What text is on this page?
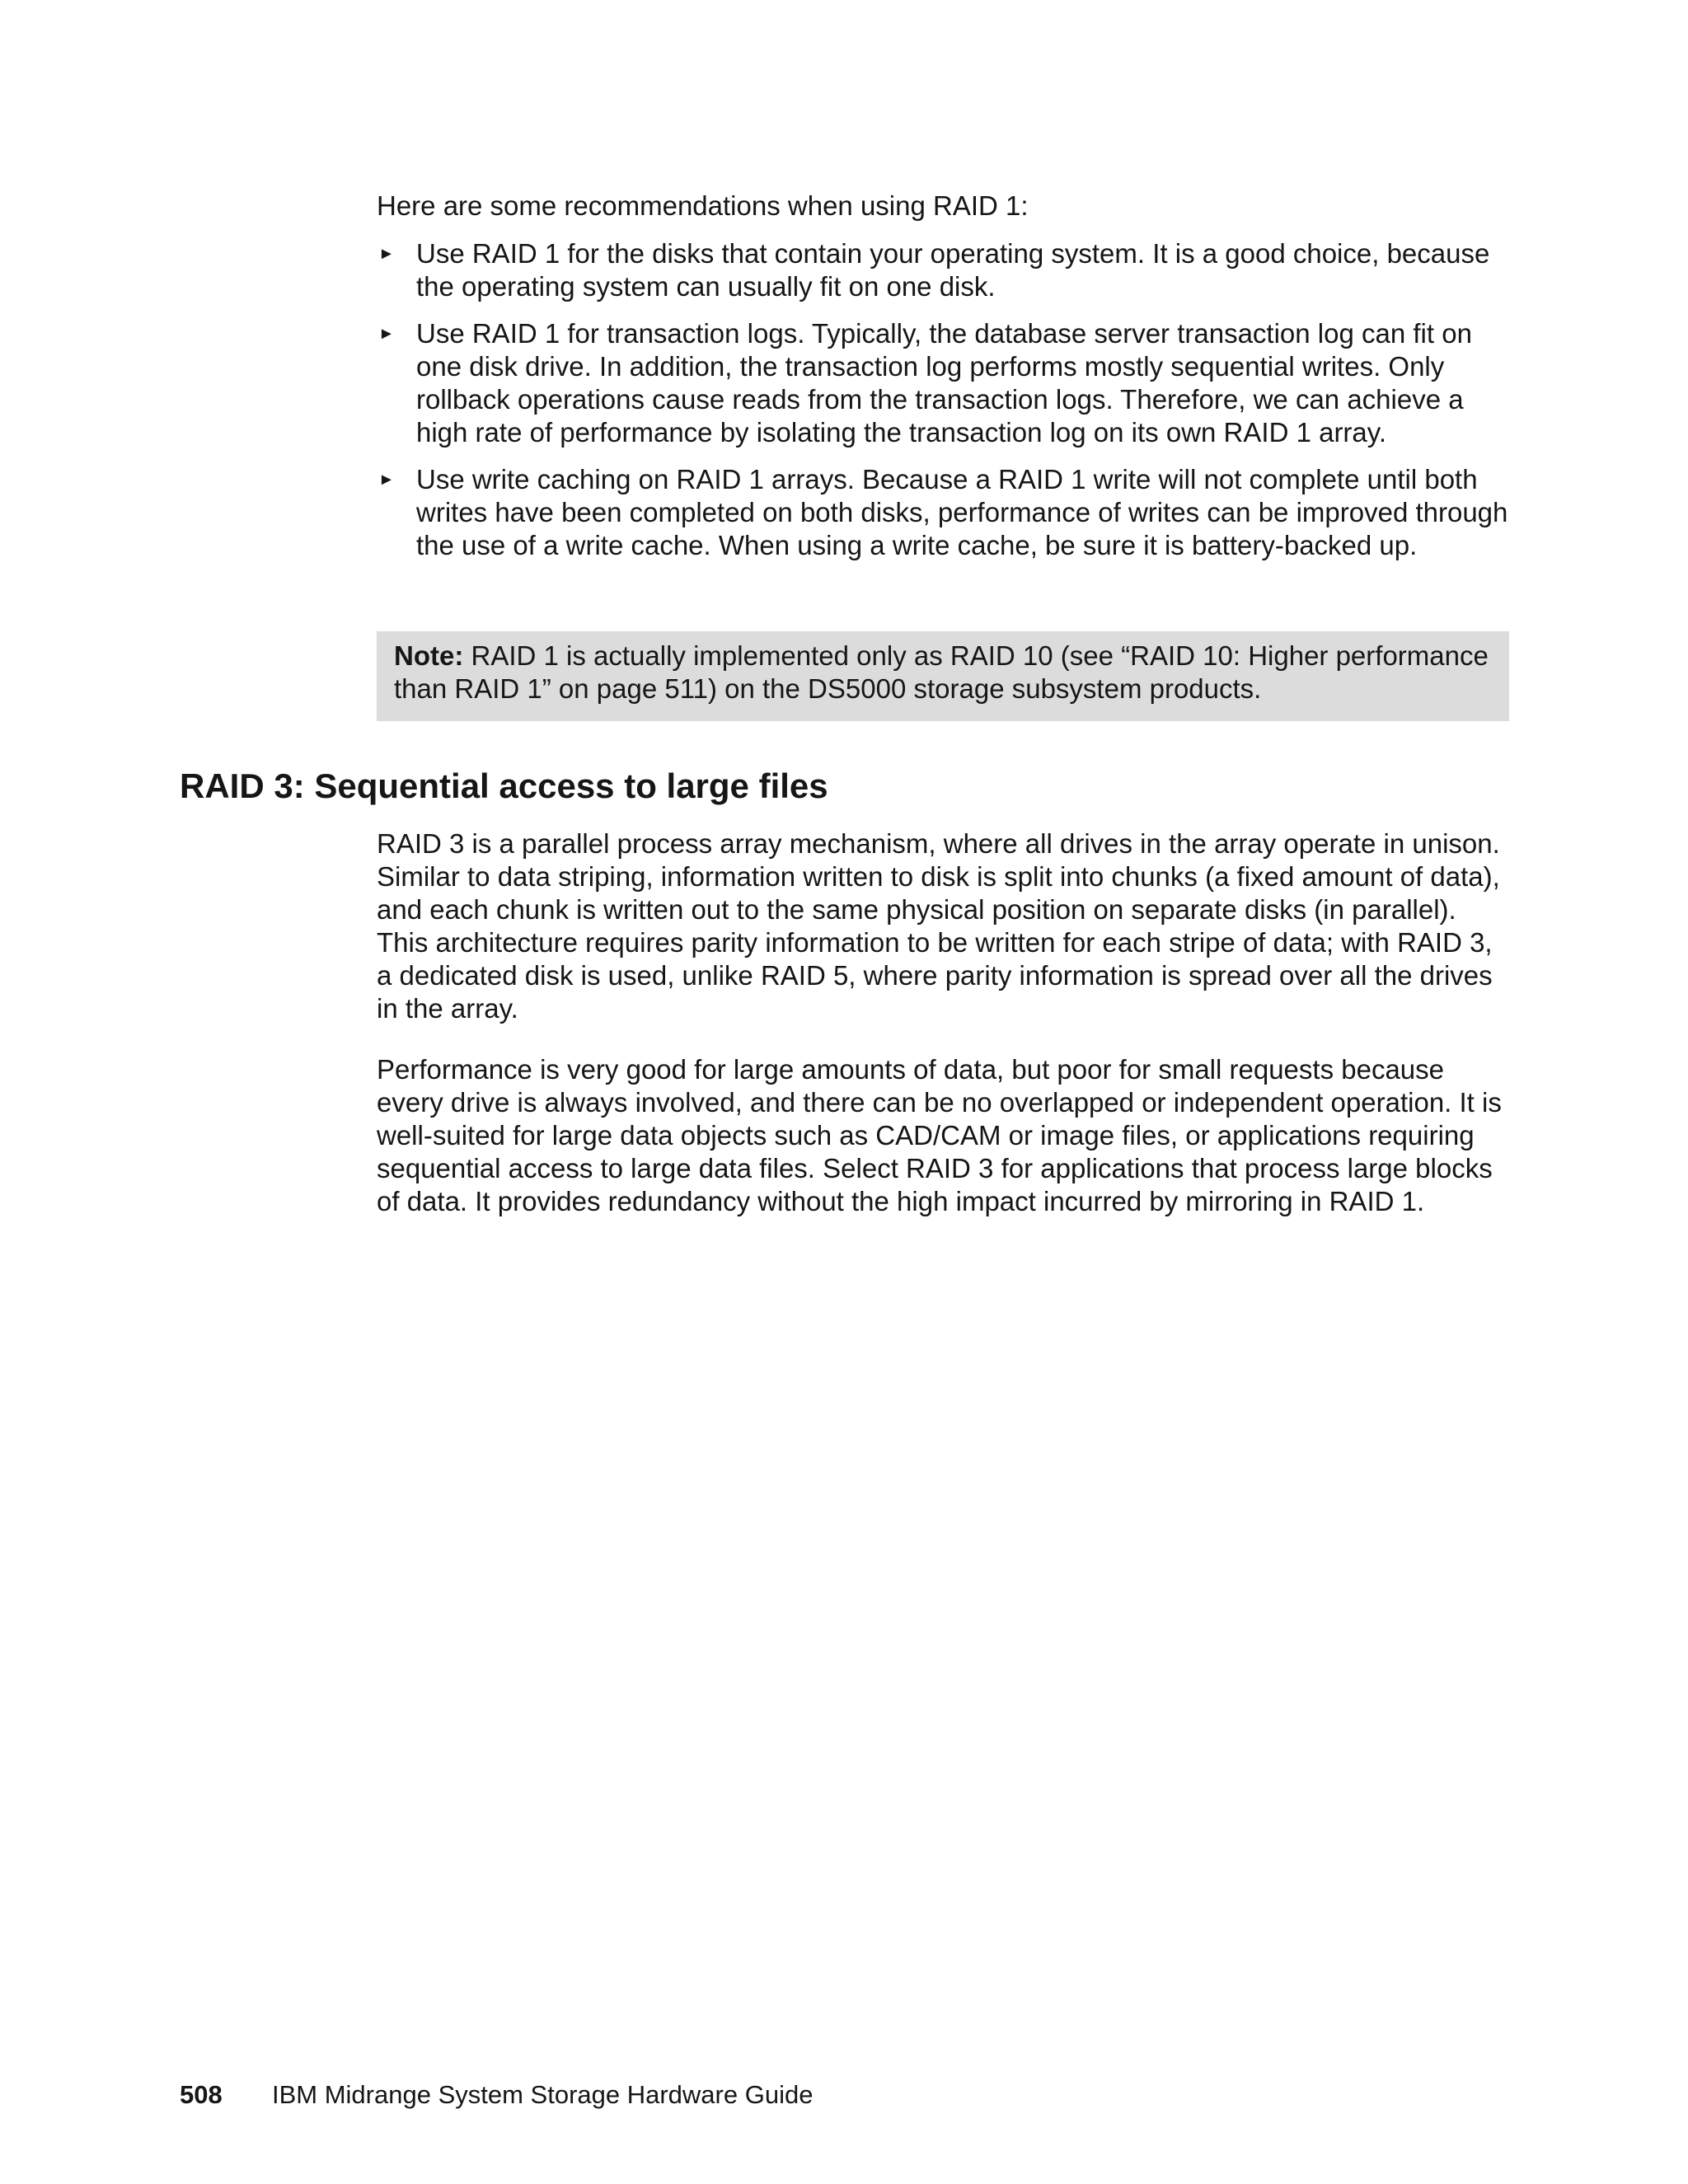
Here are some recommendations when using RAID 1:

► Use RAID 1 for the disks that contain your operating system. It is a good choice, because the operating system can usually fit on one disk.
► Use RAID 1 for transaction logs. Typically, the database server transaction log can fit on one disk drive. In addition, the transaction log performs mostly sequential writes. Only rollback operations cause reads from the transaction logs. Therefore, we can achieve a high rate of performance by isolating the transaction log on its own RAID 1 array.
► Use write caching on RAID 1 arrays. Because a RAID 1 write will not complete until both writes have been completed on both disks, performance of writes can be improved through the use of a write cache. When using a write cache, be sure it is battery-backed up.
Note: RAID 1 is actually implemented only as RAID 10 (see “RAID 10: Higher performance than RAID 1” on page 511) on the DS5000 storage subsystem products.
RAID 3: Sequential access to large files

RAID 3 is a parallel process array mechanism, where all drives in the array operate in unison. Similar to data striping, information written to disk is split into chunks (a fixed amount of data), and each chunk is written out to the same physical position on separate disks (in parallel). This architecture requires parity information to be written for each stripe of data; with RAID 3, a dedicated disk is used, unlike RAID 5, where parity information is spread over all the drives in the array.

Performance is very good for large amounts of data, but poor for small requests because every drive is always involved, and there can be no overlapped or independent operation. It is well-suited for large data objects such as CAD/CAM or image files, or applications requiring sequential access to large data files. Select RAID 3 for applications that process large blocks of data. It provides redundancy without the high impact incurred by mirroring in RAID 1.

508 IBM Midrange System Storage Hardware Guide
